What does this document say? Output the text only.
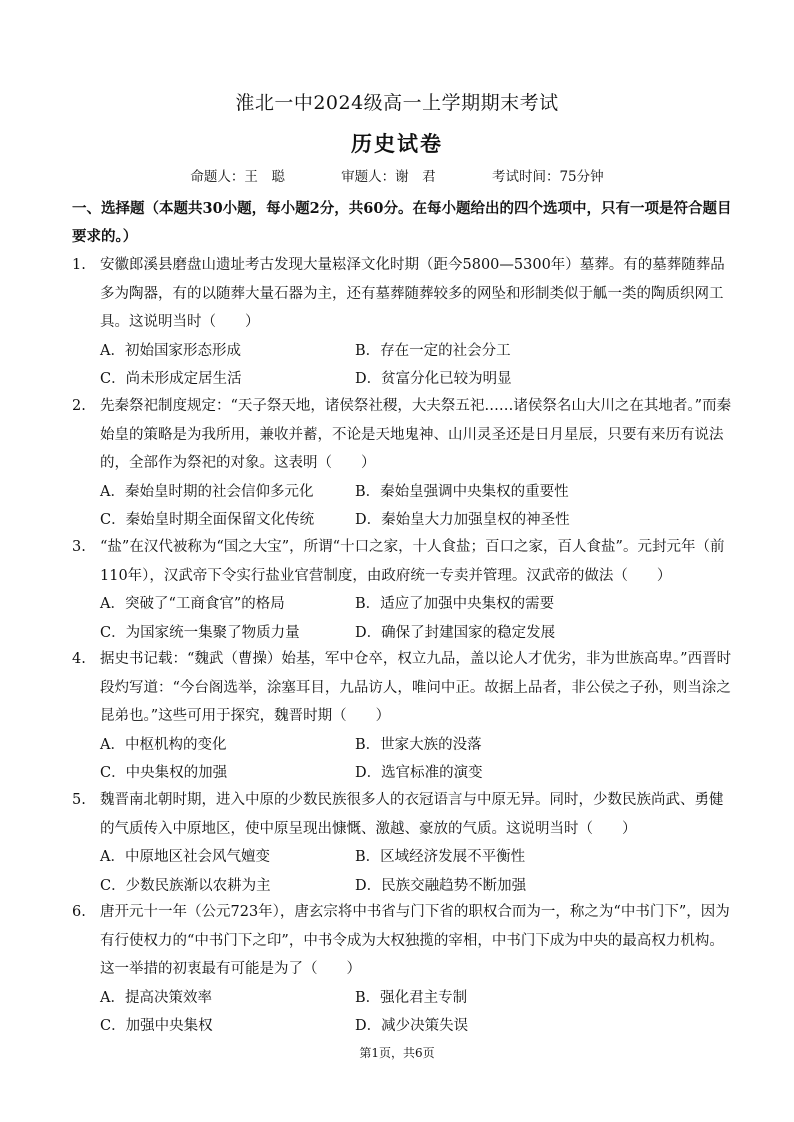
淮北一中2024级高一上学期期末考试
历史试卷
命题人：王　聪	审题人：谢　君	考试时间：75分钟
一、选择题（本题共30小题，每小题2分，共60分。在每小题给出的四个选项中，只有一项是符合题目要求的。）
1. 安徽郎溪县磨盘山遗址考古发现大量崧泽文化时期（距今5800—5300年）墓葬。有的墓葬随葬品多为陶器，有的以随葬大量石器为主，还有墓葬随葬较多的网坠和形制类似于觚一类的陶质织网工具。这说明当时（　　）
A．初始国家形态形成	B．存在一定的社会分工
C．尚未形成定居生活	D．贫富分化已较为明显
2. 先秦祭祀制度规定：“天子祭天地，诸侯祭社稷，大夫祭五祀……诸侯祭名山大川之在其地者。”而秦始皇的策略是为我所用，兼收并蓄，不论是天地鬼神、山川灵圣还是日月星辰，只要有来历有说法的，全部作为祭祀的对象。这表明（　　）
A．秦始皇时期的社会信仰多元化	B．秦始皇强调中央集权的重要性
C．秦始皇时期全面保留文化传统	D．秦始皇大力加强皇权的神圣性
3. “盐”在汉代被称为“国之大宝”，所谓“十口之家，十人食盐；百口之家，百人食盐”。元封元年（前110年），汉武帝下令实行盐业官营制度，由政府统一专卖并管理。汉武帝的做法（　　）
A．突破了“工商食官”的格局	B．适应了加强中央集权的需要
C．为国家统一集聚了物质力量	D．确保了封建国家的稳定发展
4. 据史书记载：“魏武（曹操）始基，军中仓卒，权立九品，盖以论人才优劣，非为世族高卑。”西晋时段灼写道：“今台阁选举，涂塞耳目，九品访人，唯问中正。故据上品者，非公侯之子孙，则当涂之昆弟也。”这些可用于探究，魏晋时期（　　）
A．中枢机构的变化	B．世家大族的没落
C．中央集权的加强	D．选官标准的演变
5. 魏晋南北朝时期，进入中原的少数民族很多人的衣冠语言与中原无异。同时，少数民族尚武、勇健的气质传入中原地区，使中原呈现出慷慨、激越、豪放的气质。这说明当时（　　）
A．中原地区社会风气嬗变	B．区域经济发展不平衡性
C．少数民族渐以农耕为主	D．民族交融趋势不断加强
6. 唐开元十一年（公元723年），唐玄宗将中书省与门下省的职权合而为一，称之为“中书门下”，因为有行使权力的“中书门下之印”，中书令成为大权独揽的宰相，中书门下成为中央的最高权力机构。这一举措的初衷最有可能是为了（　　）
A．提高决策效率	B．强化君主专制
C．加强中央集权	D．减少决策失误
第1页，共6页
